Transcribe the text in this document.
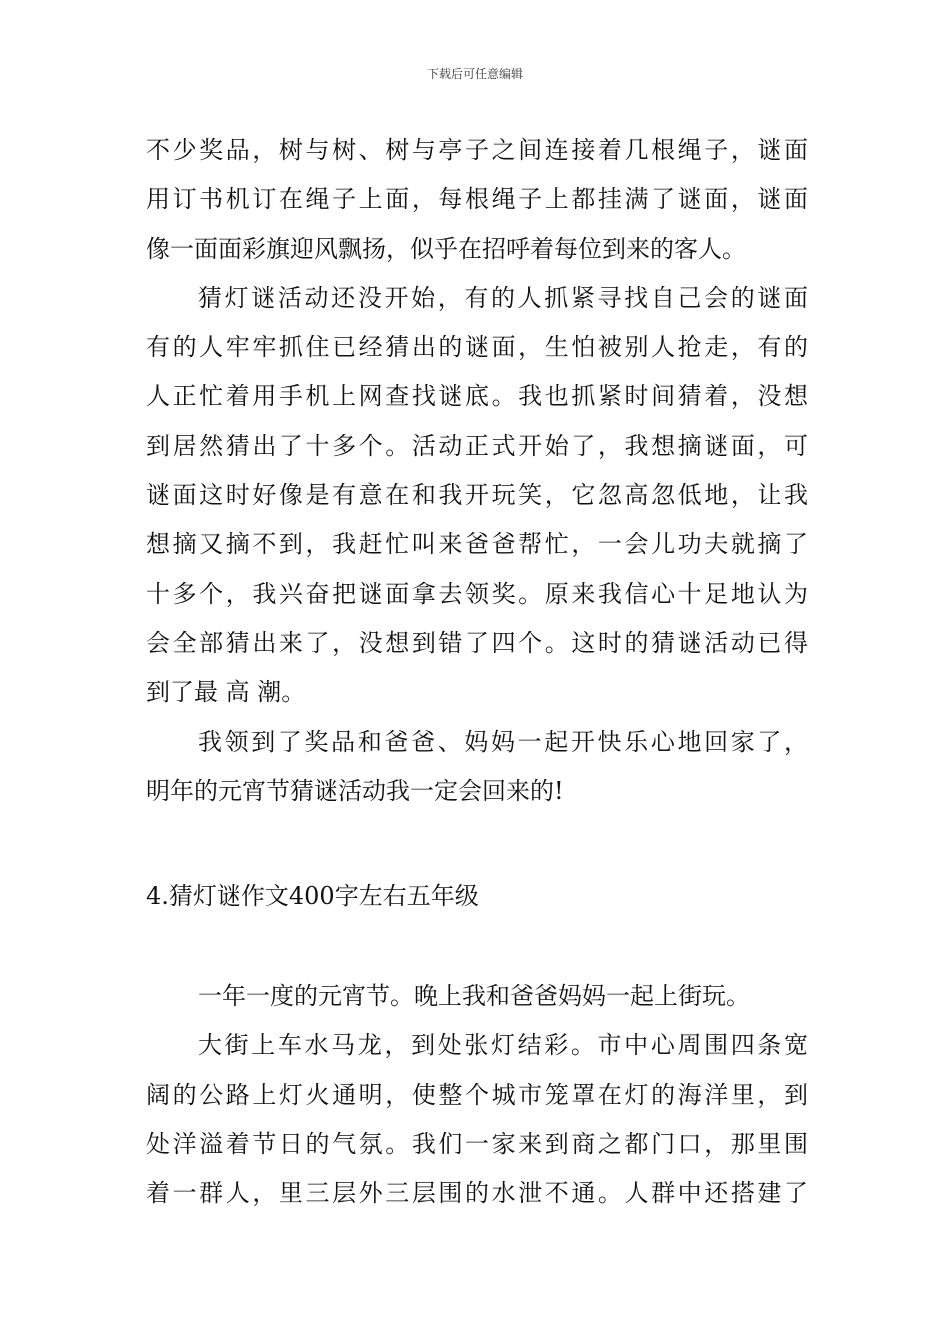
下载后可任意编辑
不少奖品，树与树、树与亭子之间连接着几根绳子，谜面
用订书机订在绳子上面，每根绳子上都挂满了谜面，谜面
像一面面彩旗迎风飘扬，似乎在招呼着每位到来的客人。
猜灯谜活动还没开始，有的人抓紧寻找自己会的谜面
有的人牢牢抓住已经猜出的谜面，生怕被别人抢走，有的
人正忙着用手机上网查找谜底。我也抓紧时间猜着，没想
到居然猜出了十多个。活动正式开始了，我想摘谜面，可
谜面这时好像是有意在和我开玩笑，它忽高忽低地，让我
想摘又摘不到，我赶忙叫来爸爸帮忙，一会儿功夫就摘了
十多个，我兴奋把谜面拿去领奖。原来我信心十足地认为
会全部猜出来了，没想到错了四个。这时的猜谜活动已得
到了最 高 潮。
我领到了奖品和爸爸、妈妈一起开快乐心地回家了，
明年的元宵节猜谜活动我一定会回来的!
4.猜灯谜作文400字左右五年级
一年一度的元宵节。晚上我和爸爸妈妈一起上街玩。
大街上车水马龙，到处张灯结彩。市中心周围四条宽
阔的公路上灯火通明，使整个城市笼罩在灯的海洋里，到
处洋溢着节日的气氛。我们一家来到商之都门口，那里围
着一群人，里三层外三层围的水泄不通。人群中还搭建了
